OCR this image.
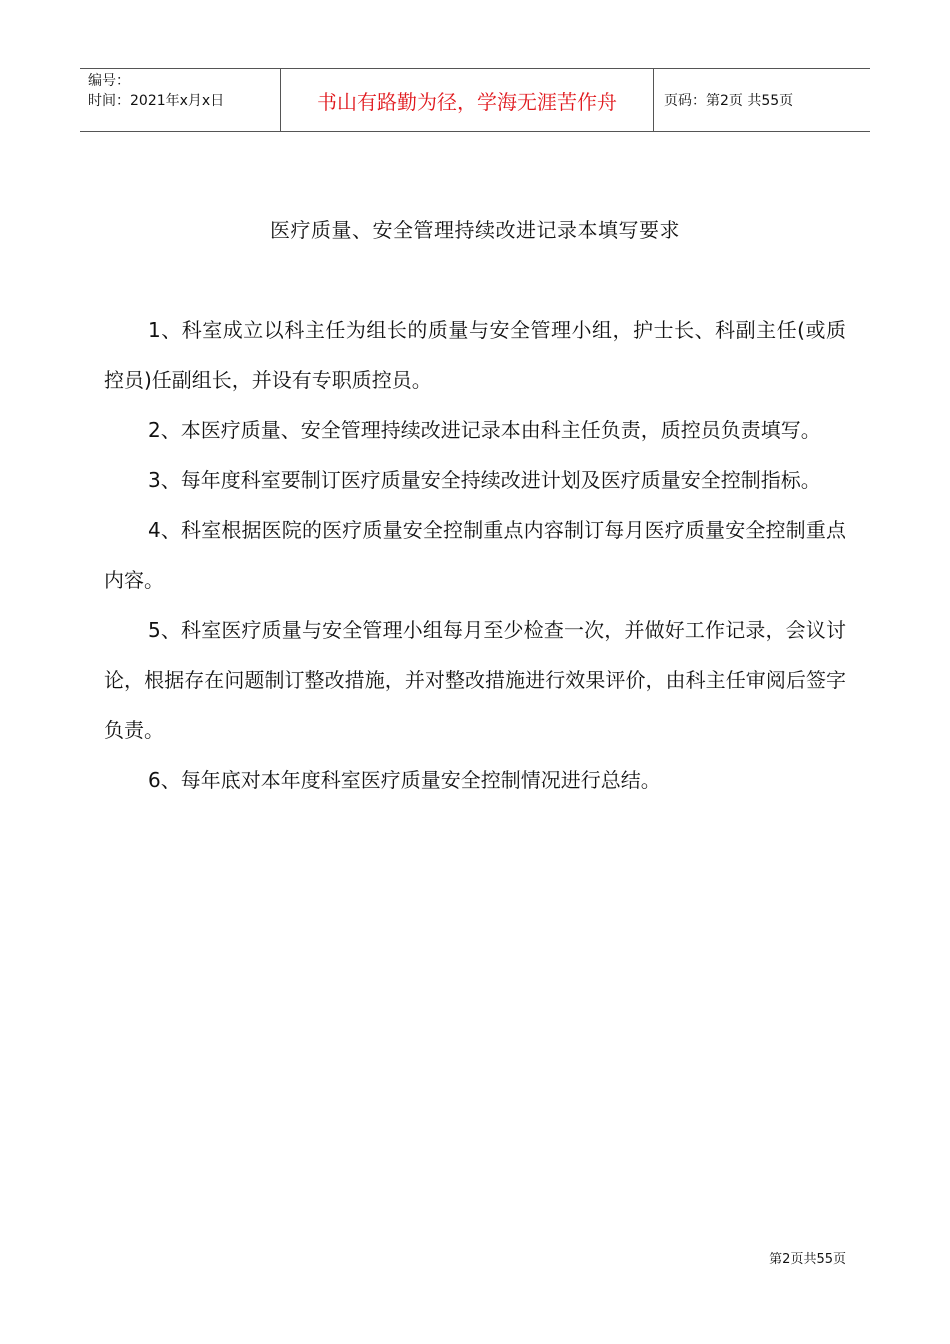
编号：
时间：2021年x月x日	书山有路勤为径，学海无涯苦作舟	页码：第2页 共55页
医疗质量、安全管理持续改进记录本填写要求

1、科室成立以科主任为组长的质量与安全管理小组，护士长、科副主任(或质控员)任副组长，并设有专职质控员。

2、本医疗质量、安全管理持续改进记录本由科主任负责，质控员负责填写。

3、每年度科室要制订医疗质量安全持续改进计划及医疗质量安全控制指标。

4、科室根据医院的医疗质量安全控制重点内容制订每月医疗质量安全控制重点内容。

5、科室医疗质量与安全管理小组每月至少检查一次，并做好工作记录，会议讨论，根据存在问题制订整改措施，并对整改措施进行效果评价，由科主任审阅后签字负责。

6、每年底对本年度科室医疗质量安全控制情况进行总结。

第2页共55页
